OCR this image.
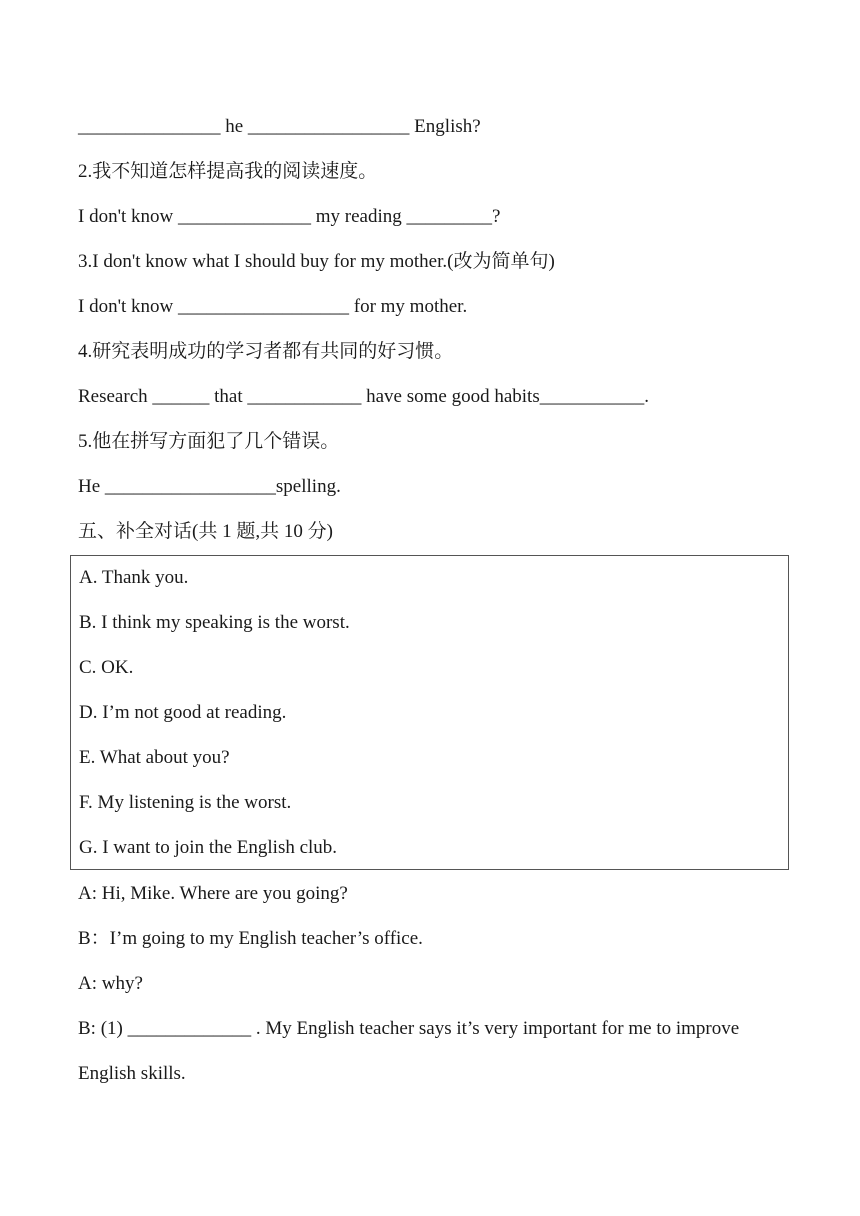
_______________ he _________________ English?
2.我不知道怎样提高我的阅读速度。
I don't know ______________ my reading _________?
3.I don't know what I should buy for my mother.(改为简单句)
I don't know __________________ for my mother.
4.研究表明成功的学习者都有共同的好习惯。
Research ______ that ____________ have some good habits___________.
5.他在拼写方面犯了几个错误。
He __________________spelling.
五、补全对话(共 1 题,共 10 分)
A. Thank you.
B. I think my speaking is the worst.
C. OK.
D. I’m not good at reading.
E. What about you?
F. My listening is the worst.
G. I want to join the English club.
A: Hi, Mike. Where are you going?
B：I’m going to my English teacher’s office.
A: why?
B: (1) _____________ . My English teacher says it’s very important for me to improve
English skills.
